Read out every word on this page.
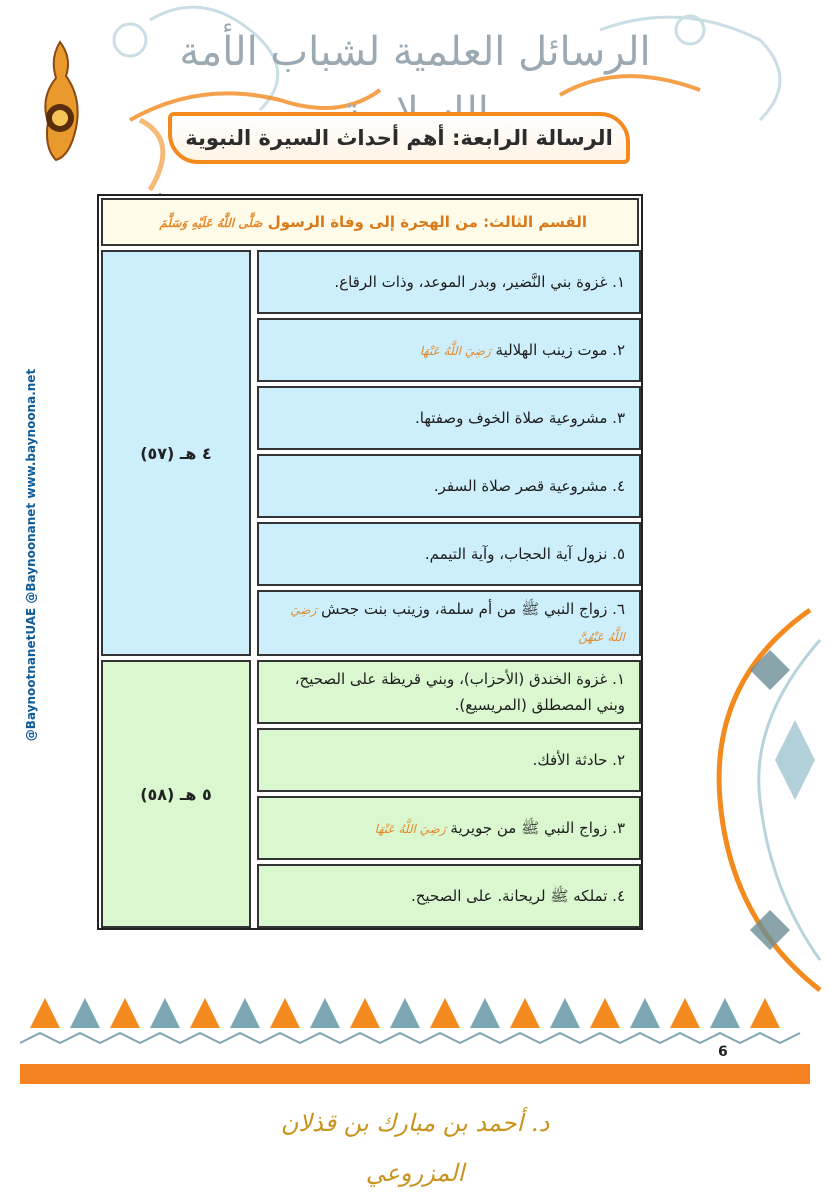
الرسائل العلمية لشباب الأمة
الرسالة الرابعة: أهم أحداث السيرة النبوية
@BaynootnanetUAE @Baynoonanet www.baynoona.net
القسم الثالث: من الهجرة إلى وفاة الرسول صَلَّى اللَّهُ عَلَيْهِ وَسَلَّمَ
٤ هـ (٥٧)
١. غزوة بني النَّضير، وبدر الموعد، وذات الرقاع.
٢. موت زينب الهلالية رَضِيَ اللَّهُ عَنْهَا
٣. مشروعية صلاة الخوف وصفتها.
٤. مشروعية قصر صلاة السفر.
٥. نزول آية الحجاب، وآية التيمم.
٦. زواج النبي ﷺ من أم سلمة، وزينب بنت جحش رَضِيَ اللَّهُ عَنْهُنَّ
٥ هـ (٥٨)
١. غزوة الخندق (الأحزاب)، وبني قريظة على الصحيح، وبني المصطلق (المريسيع).
٢. حادثة الأفك.
٣. زواج النبي ﷺ من جويرية رَضِيَ اللَّهُ عَنْهَا
٤. تملكه ﷺ لريحانة. على الصحيح.
6
د. أحمد بن مبارك بن قذلان المزروعي
